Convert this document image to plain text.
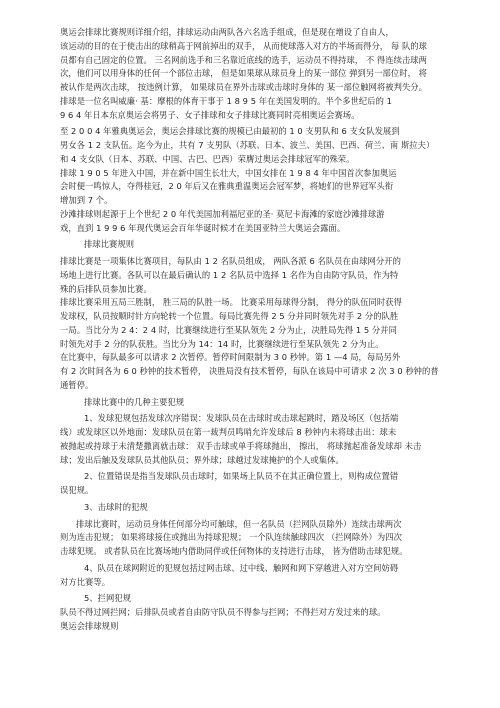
奥运会排球比赛规则详细介绍，排球运动由两队各六名选手组成，但是现在增设了自由人，

该运动的目的在于使击出的球稍高于网前掉出的双手， 从而使球落入对方的半场而得分， 每 队的球

员都有自己固定的位置。 三名网前选手和三名靠近底线的选手，运动员不得持球， 不 得连续击球两

次，他们可以用身体的任何一个部位击球， 但是如果球从球员身上的某一部位 弹到另一部位时， 将

被认作是两次击球， 按违例计算， 如果球员在界外击球或击球时身体的 某一部位触网将被判失分。

排球是一位名叫威廉· 基：摩根的体育干事于 1 8 9 5 年在美国发明的。半个多世纪后的 1

9 6 4 年日本东京奥运会将男子、女子排球和女子排球比赛同时亮相奥运会赛场。

至 2 0 0 4 年雅典奥运会，奥运会排球比赛的规模已由最初的 1 0 支男队和 6 支女队发展到

男女各 1 2 支队伍。迄今为止，共有 7 支男队（苏联、日本、波兰、美国、巴西、荷兰、南 斯拉夫）

和 4 支女队（日本、苏联、中国、古巴、巴西）荣膺过奥运会排球冠军的殊荣。

排球 1 9 0 5 年进入中国，并在新中国生长壮大，中国女排在 1 9 8 4 年中国首次参加奥运

会时便一鸣惊人，夺得桂冠，2 0 年后又在雅典重温奥运会冠军梦，将她们的世界冠军头衔

增加到 7 个。

沙滩排球则起源于上个世纪 2 0 年代美国加利福尼亚的圣· 莫尼卡海滩的家庭沙滩排球游

戏，直到 1 9 9 6 年现代奥运会百年华诞时候才在美国亚特兰大奥运会露面。

排球比赛规则

排球比赛是一项集体比赛项目，每队由 1 2 名队员组成， 两队各派 6 名队员在由球网分开的

场地上进行比赛。各队可以在最后确认的 1 2 名队员中选择 1 名作为自由防守队员，作为特

殊的后排队员参加比赛。

排球比赛采用五局三胜制， 胜三局的队胜一场。 比赛采用每球得分制， 得分的队伍同时获得

发球权，队员按顺时针方向轮转一个位置。每局比赛先得 2 5 分并同时领先对手 2 分的队胜

一局。当比分为 2 4：2 4 时，比赛继续进行至某队领先 2 分为止，决胜局先得 1 5 分并同

时领先对手 2 分的队获胜。当比分为 14：14 时，比赛继续进行至某队领先 2 分为止。

在比赛中，每队最多可以请求 2 次暂停。暂停时间限制为 3 0 秒钟。第 1 —4 局，每局另外

有 2 次时间各为 6 0 秒钟的技术暂停， 决胜局没有技术暂停，每队在该局中可请求 2 次 3 0 秒钟的普

通暂停。

排球比赛中的几种主要犯规

1、发球犯规包括发球次序错误：发球队员在击球时或击球起跳时，踏及场区（包括端

线）或发球区以外地面：发球队员在第一裁判员鸣哨允许发球后 8 秒钟内未将球击出：球未

被抛起或持球于未清楚撒离就击球： 双手击球或单手将球抛出， 擦出， 将球抛起准备发球却 未击

球；发出后触及发球队员其他队员；界外球；球越过发球掩护的个人或集体。

2、位置错误是指当发球队员击球时，如果场上队员不在其正确位置上，则构成位置错

误犯规。

3、击球时的犯规

排球比赛时，运动员身体任何部分均可触球，但一名队员（拦网队员除外）连续击球两次

则为连击犯规； 如果将球接住或抛出为持球犯规； 一个队连续触球四次 （拦网除外）为四次

击球犯规。 或者队员在比赛场地内借助同伴或任何物体的支持进行击球， 皆为借助击球犯规。

4、队员在球网附近的犯规包括过网击球、过中线、触网和网下穿越进入对方空间妨碍

对方比赛等。

5、拦网犯规

队员不得过网拦网；后排队员或者自由防守队员不得参与拦网；不得拦对方发过来的球。

奥运会排球规则
